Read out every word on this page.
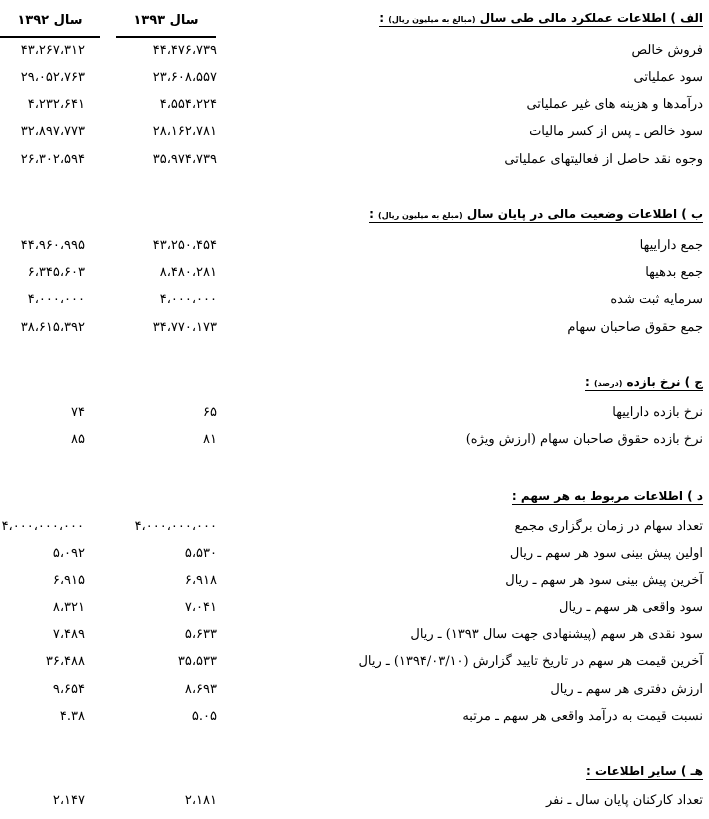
سال ۱۳۹۳
سال ۱۳۹۲	الف ) اطلاعات عملکرد مالی طی سال (مبالغ به میلیون ریال) :
فروش خالص
۴۴،۴۷۶،۷۳۹
۴۳،۲۶۷،۳۱۲
سود عملیاتی
۲۳،۶۰۸،۵۵۷
۲۹،۰۵۲،۷۶۳
درآمدها و هزینه های غیر عملیاتی
۴،۵۵۴،۲۲۴
۴،۲۳۲،۶۴۱
سود خالص ـ پس از کسر مالیات
۲۸،۱۶۲،۷۸۱
۳۲،۸۹۷،۷۷۳
وجوه نقد حاصل از فعالیتهای عملیاتی
۳۵،۹۷۴،۷۳۹
۲۶،۳۰۲،۵۹۴
ب ) اطلاعات وضعیت مالی در پایان سال (مبلغ به میلیون ریال) :
جمع داراییها
۴۳،۲۵۰،۴۵۴
۴۴،۹۶۰،۹۹۵
جمع بدهیها
۸،۴۸۰،۲۸۱
۶،۳۴۵،۶۰۳
سرمایه ثبت شده
۴،۰۰۰،۰۰۰
۴،۰۰۰،۰۰۰
جمع حقوق صاحبان سهام
۳۴،۷۷۰،۱۷۳
۳۸،۶۱۵،۳۹۲
ج ) نرخ بازده (درصد) :
نرخ بازده داراییها
۶۵
۷۴
نرخ بازده حقوق صاحبان سهام (ارزش ویژه)
۸۱
۸۵
د ) اطلاعات مربوط به هر سهم :
تعداد سهام در زمان برگزاری مجمع
۴،۰۰۰،۰۰۰،۰۰۰
۴،۰۰۰،۰۰۰،۰۰۰
اولین پیش بینی سود هر سهم ـ ریال
۵،۵۳۰
۵،۰۹۲
آخرین پیش بینی سود هر سهم ـ ریال
۶،۹۱۸
۶،۹۱۵
سود واقعی هر سهم ـ ریال
۷،۰۴۱
۸،۳۲۱
سود نقدی هر سهم (پیشنهادی جهت سال ۱۳۹۳) ـ ریال
۵،۶۳۳
۷،۴۸۹
آخرین قیمت هر سهم در تاریخ تایید گزارش (۱۳۹۴/۰۳/۱۰) ـ ریال
۳۵،۵۳۳
۳۶،۴۸۸
ارزش دفتری هر سهم ـ ریال
۸،۶۹۳
۹،۶۵۴
نسبت قیمت به درآمد واقعی هر سهم ـ مرتبه
۵.۰۵
۴.۳۸
هـ ) سایر اطلاعات :
تعداد کارکنان پایان سال ـ نفر
۲،۱۸۱
۲،۱۴۷
